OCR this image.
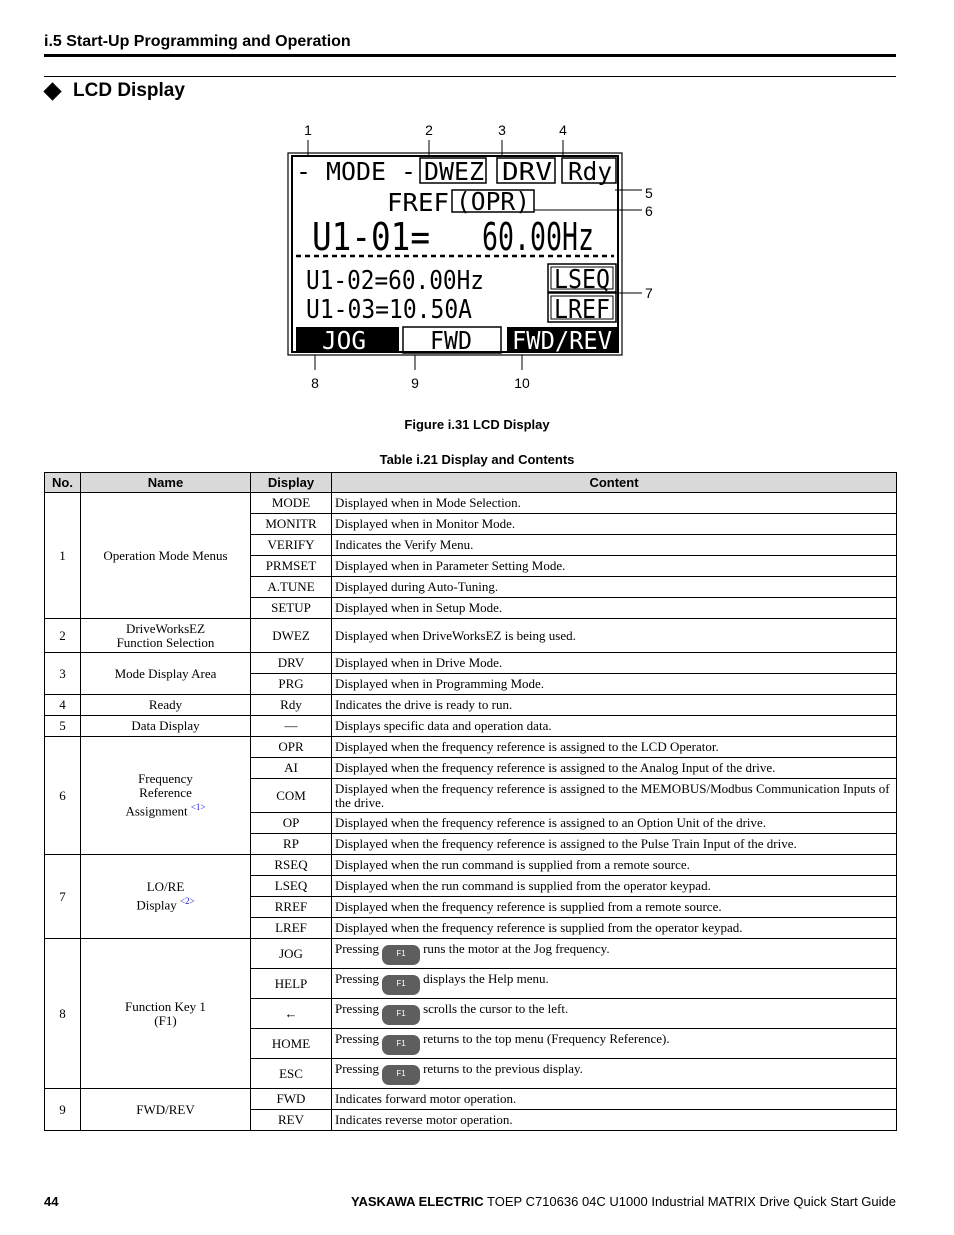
i.5 Start-Up Programming and Operation
LCD Display
1	2	3	4
5
6
7
8	9	10
- MODE - DWEZ DRV Rdy
FREF (OPR)
U1-01= 60.00Hz
U1-02=60.00Hz
U1-03=10.50A
LSEQ
LREF
JOG	FWD FWD/REV
Figure i.31 LCD Display
Table i.21 Display and Contents
No.	Name	Display	Content
1	Operation Mode Menus	MODE	Displayed when in Mode Selection.
		MONITR	Displayed when in Monitor Mode.
		VERIFY	Indicates the Verify Menu.
		PRMSET	Displayed when in Parameter Setting Mode.
		A.TUNE	Displayed during Auto-Tuning.
		SETUP	Displayed when in Setup Mode.
2	DriveWorksEZ
Function Selection	DWEZ	Displayed when DriveWorksEZ is being used.
3	Mode Display Area	DRV	Displayed when in Drive Mode.
		PRG	Displayed when in Programming Mode.
4	Ready	Rdy	Indicates the drive is ready to run.
5	Data Display	—	Displays specific data and operation data.
6	Frequency
Reference
Assignment $^{<1>}$	OPR	Displayed when the frequency reference is assigned to the LCD Operator.
		AI	Displayed when the frequency reference is assigned to the Analog Input of the drive.
		COM	Displayed when the frequency reference is assigned to the MEMOBUS/Modbus Communication Inputs of the drive.
		OP	Displayed when the frequency reference is assigned to an Option Unit of the drive.
		RP	Displayed when the frequency reference is assigned to the Pulse Train Input of the drive.
7	LO/RE
Display $^{<2>}$	RSEQ	Displayed when the run command is supplied from a remote source.
		LSEQ	Displayed when the run command is supplied from the operator keypad.
		RREF	Displayed when the frequency reference is supplied from a remote source.
		LREF	Displayed when the frequency reference is supplied from the operator keypad.
8	Function Key 1
(F1)	JOG	Pressing F1 runs the motor at the Jog frequency.
		HELP	Pressing F1 displays the Help menu.
		←	Pressing F1 scrolls the cursor to the left.
		HOME	Pressing F1 returns to the top menu (Frequency Reference).
		ESC	Pressing F1 returns to the previous display.
9	FWD/REV	FWD	Indicates forward motor operation.
		REV	Indicates reverse motor operation.
44	YASKAWA ELECTRIC TOEP C710636 04C U1000 Industrial MATRIX Drive Quick Start Guide
